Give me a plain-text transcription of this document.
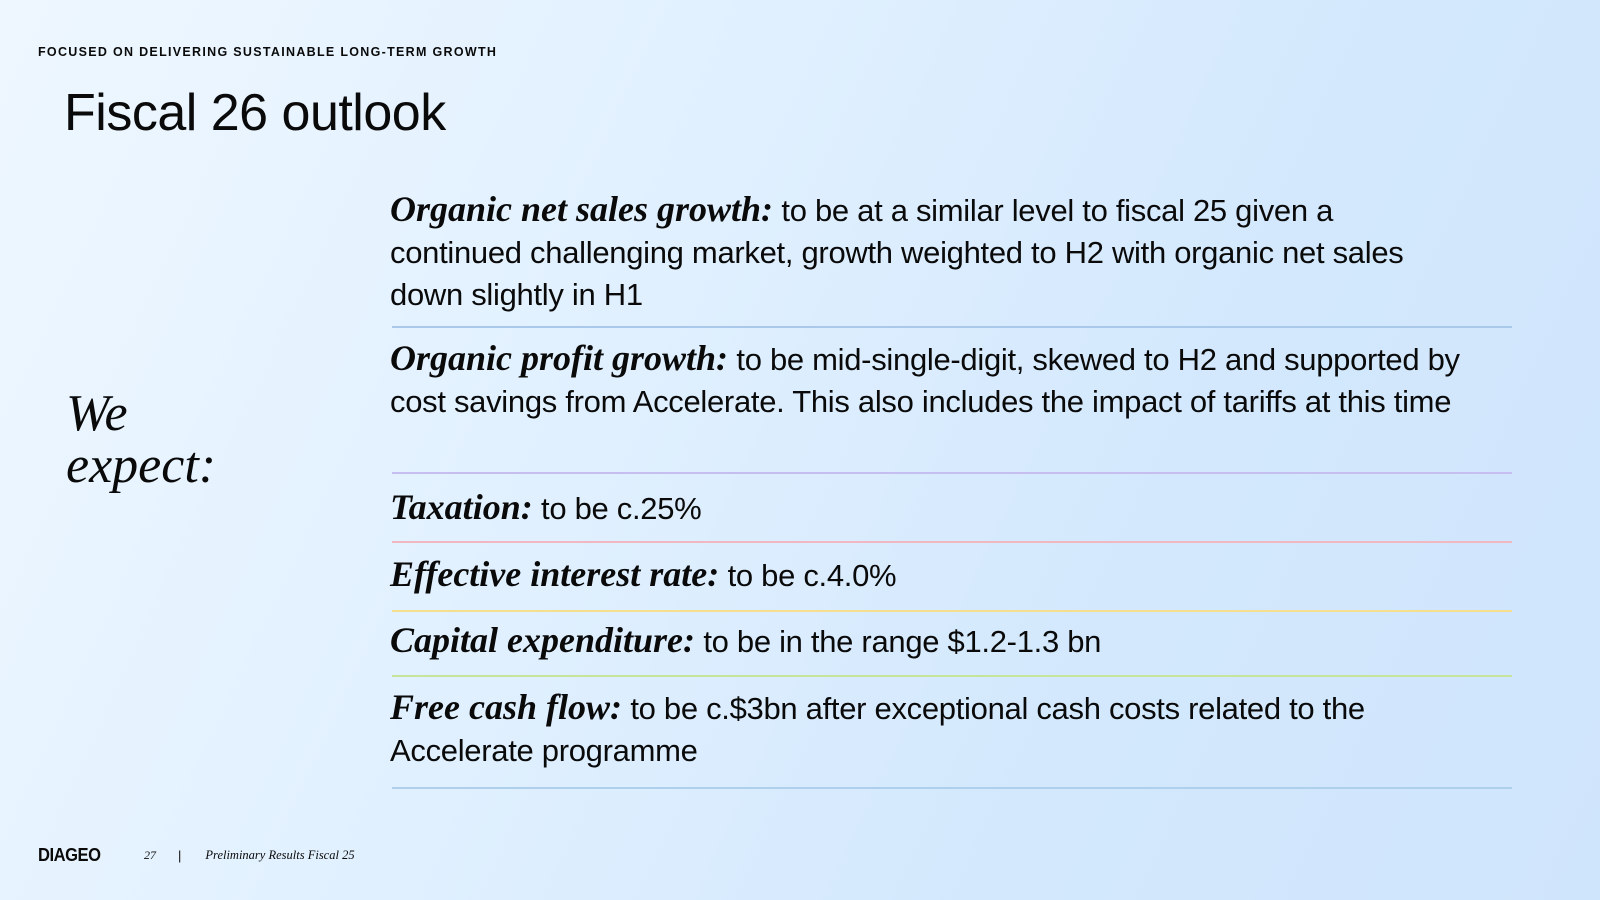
FOCUSED ON DELIVERING SUSTAINABLE LONG-TERM GROWTH
Fiscal 26 outlook
We
expect:

Organic net sales growth: to be at a similar level to fiscal 25 given a continued challenging market, growth weighted to H2 with organic net sales down slightly in H1

Organic profit growth: to be mid-single-digit, skewed to H2 and supported by cost savings from Accelerate. This also includes the impact of tariffs at this time

Taxation: to be c.25%

Effective interest rate: to be c.4.0%

Capital expenditure: to be in the range $1.2-1.3 bn

Free cash flow: to be c.$3bn after exceptional cash costs related to the Accelerate programme

DIAGEO	27 | Preliminary Results Fiscal 25
